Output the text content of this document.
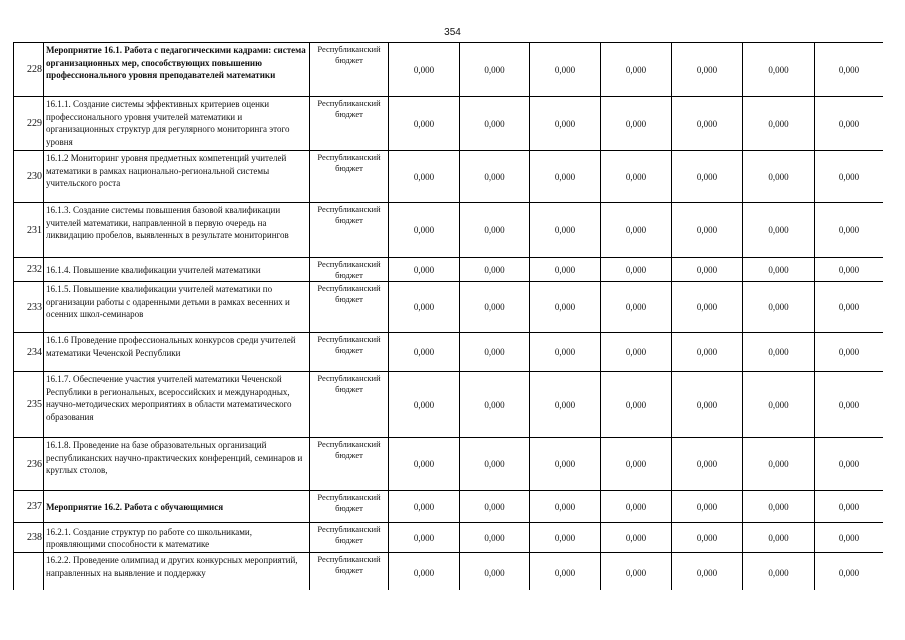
354
228	Мероприятие 16.1. Работа с педагогическими кадрами: система организационных мер, способствующих повышению профессионального уровня преподавателей математики	Республиканский бюджет	0,000	0,000	0,000	0,000	0,000	0,000	0,000
229	16.1.1. Создание системы эффективных критериев оценки профессионального уровня учителей математики и организационных структур для регулярного мониторинга этого уровня	Республиканский бюджет	0,000	0,000	0,000	0,000	0,000	0,000	0,000
230	16.1.2 Мониторинг уровня предметных компетенций учителей математики в рамках национально-региональной системы учительского роста	Республиканский бюджет	0,000	0,000	0,000	0,000	0,000	0,000	0,000
231	16.1.3. Создание системы повышения базовой квалификации учителей математики, направленной в первую очередь на ликвидацию пробелов, выявленных в результате мониторингов	Республиканский бюджет	0,000	0,000	0,000	0,000	0,000	0,000	0,000
232	16.1.4. Повышение квалификации учителей математики	Республиканский бюджет	0,000	0,000	0,000	0,000	0,000	0,000	0,000
233	16.1.5. Повышение квалификации учителей математики по организации работы с одаренными детьми в рамках весенних и осенних школ-семинаров	Республиканский бюджет	0,000	0,000	0,000	0,000	0,000	0,000	0,000
234	16.1.6 Проведение профессиональных конкурсов среди учителей математики Чеченской Республики	Республиканский бюджет	0,000	0,000	0,000	0,000	0,000	0,000	0,000
235	16.1.7. Обеспечение участия учителей математики Чеченской Республики в региональных, всероссийских и международных, научно-методических мероприятиях в области математического образования	Республиканский бюджет	0,000	0,000	0,000	0,000	0,000	0,000	0,000
236	16.1.8. Проведение на базе образовательных организаций республиканских научно-практических конференций, семинаров и круглых столов,	Республиканский бюджет	0,000	0,000	0,000	0,000	0,000	0,000	0,000
237	Мероприятие 16.2. Работа с обучающимися	Республиканский бюджет	0,000	0,000	0,000	0,000	0,000	0,000	0,000
238	16.2.1. Создание структур по работе со школьниками, проявляющими способности к математике	Республиканский бюджет	0,000	0,000	0,000	0,000	0,000	0,000	0,000
	16.2.2. Проведение олимпиад и других конкурсных мероприятий, направленных на выявление и поддержку	Республиканский бюджет	0,000	0,000	0,000	0,000	0,000	0,000	0,000
